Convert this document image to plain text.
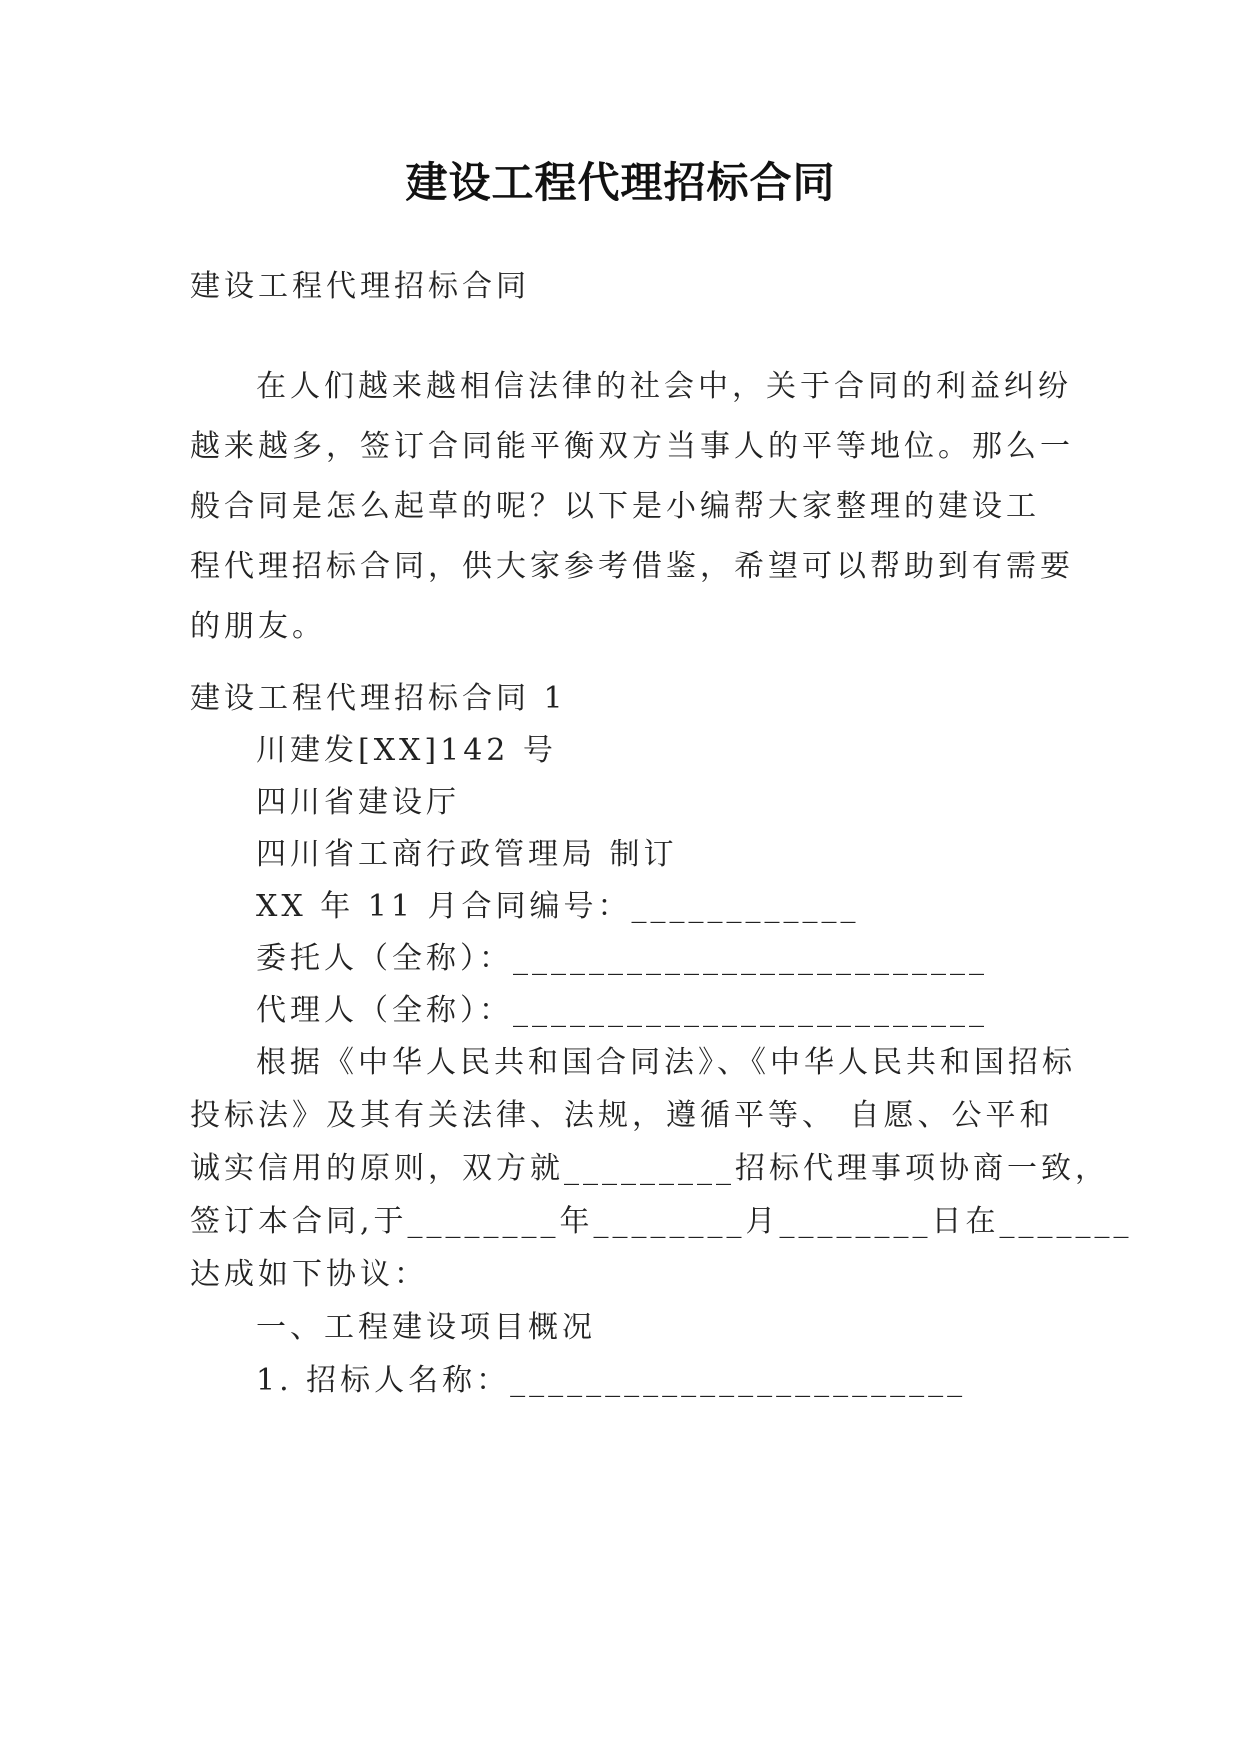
建设工程代理招标合同
建设工程代理招标合同
在人们越来越相信法律的社会中，关于合同的利益纠纷
越来越多，签订合同能平衡双方当事人的平等地位。那么一
般合同是怎么起草的呢？以下是小编帮大家整理的建设工
程代理招标合同，供大家参考借鉴，希望可以帮助到有需要
的朋友。
建设工程代理招标合同 1
川建发[XX]142 号
四川省建设厅
四川省工商行政管理局 制订
XX 年 11 月合同编号：____________
委托人（全称）：_________________________
代理人（全称）：_________________________
根据《中华人民共和国合同法》、《中华人民共和国招标
投标法》及其有关法律、法规，遵循平等、 自愿、公平和
诚实信用的原则，双方就_________招标代理事项协商一致，
签订本合同,于________年________月________日在_______
达成如下协议：
一、工程建设项目概况
1. 招标人名称：________________________
